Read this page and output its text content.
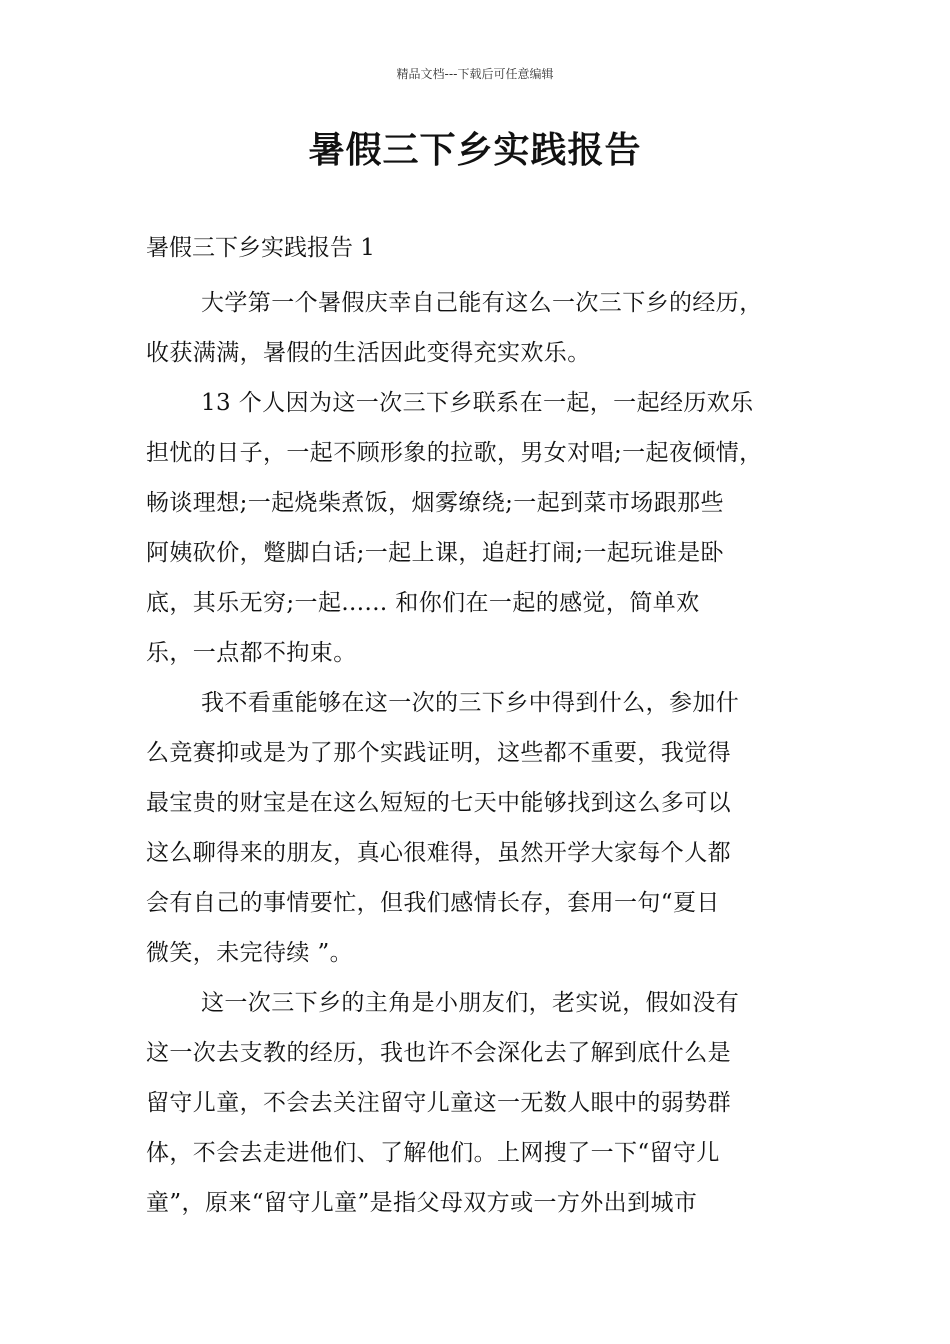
精品文档---下载后可任意编辑
暑假三下乡实践报告
暑假三下乡实践报告 1
大学第一个暑假庆幸自己能有这么一次三下乡的经历，
收获满满，暑假的生活因此变得充实欢乐。
13 个人因为这一次三下乡联系在一起，一起经历欢乐
担忧的日子，一起不顾形象的拉歌，男女对唱;一起夜倾情，
畅谈理想;一起烧柴煮饭，烟雾缭绕;一起到菜市场跟那些
阿姨砍价，蹩脚白话;一起上课，追赶打闹;一起玩谁是卧
底，其乐无穷;一起...... 和你们在一起的感觉，简单欢
乐，一点都不拘束。
我不看重能够在这一次的三下乡中得到什么，参加什
么竞赛抑或是为了那个实践证明，这些都不重要，我觉得
最宝贵的财宝是在这么短短的七天中能够找到这么多可以
这么聊得来的朋友，真心很难得，虽然开学大家每个人都
会有自己的事情要忙，但我们感情长存，套用一句“夏日
微笑，未完待续 ”。
这一次三下乡的主角是小朋友们，老实说，假如没有
这一次去支教的经历，我也许不会深化去了解到底什么是
留守儿童，不会去关注留守儿童这一无数人眼中的弱势群
体，不会去走进他们、了解他们。上网搜了一下“留守儿
童”，原来“留守儿童”是指父母双方或一方外出到城市
